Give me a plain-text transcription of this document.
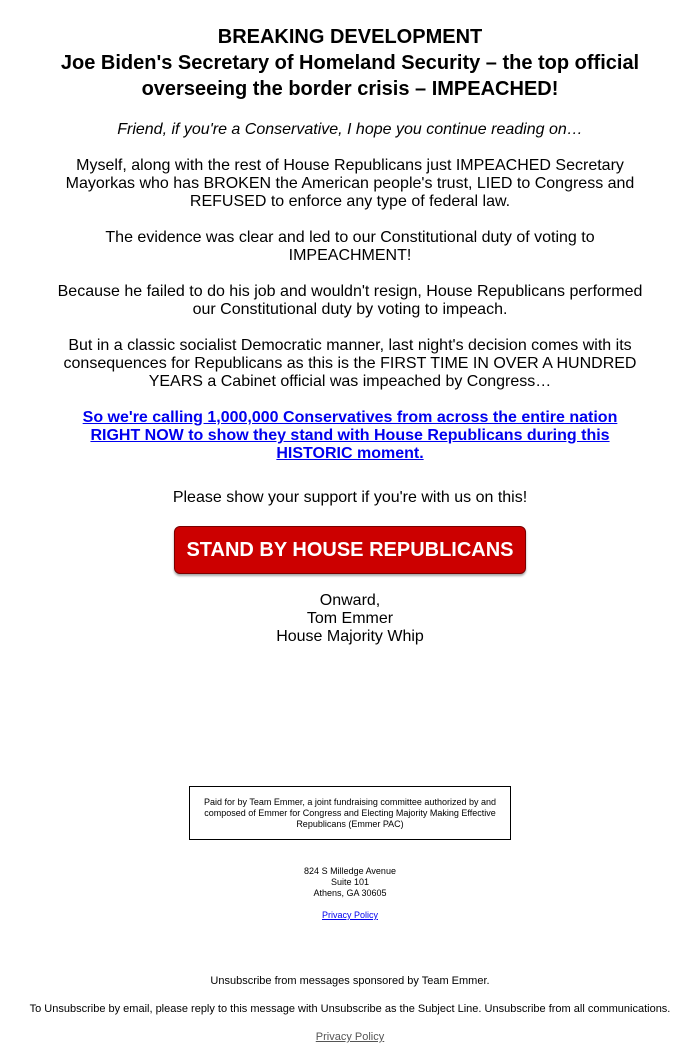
BREAKING DEVELOPMENT
Joe Biden's Secretary of Homeland Security – the top official overseeing the border crisis – IMPEACHED!

Friend, if you're a Conservative, I hope you continue reading on…

Myself, along with the rest of House Republicans just IMPEACHED Secretary Mayorkas who has BROKEN the American people's trust, LIED to Congress and REFUSED to enforce any type of federal law.

The evidence was clear and led to our Constitutional duty of voting to IMPEACHMENT!

Because he failed to do his job and wouldn't resign, House Republicans performed our Constitutional duty by voting to impeach.

But in a classic socialist Democratic manner, last night's decision comes with its consequences for Republicans as this is the FIRST TIME IN OVER A HUNDRED YEARS a Cabinet official was impeached by Congress…

So we're calling 1,000,000 Conservatives from across the entire nation RIGHT NOW to show they stand with House Republicans during this HISTORIC moment.

Please show your support if you're with us on this!

STAND BY HOUSE REPUBLICANS
Onward,
Tom Emmer
House Majority Whip
Paid for by Team Emmer, a joint fundraising committee authorized by and composed of Emmer for Congress and Electing Majority Making Effective Republicans (Emmer PAC)
824 S Milledge Avenue
Suite 101
Athens, GA 30605
Privacy Policy
Unsubscribe from messages sponsored by Team Emmer.
To Unsubscribe by email, please reply to this message with Unsubscribe as the Subject Line. Unsubscribe from all communications.
Privacy Policy
